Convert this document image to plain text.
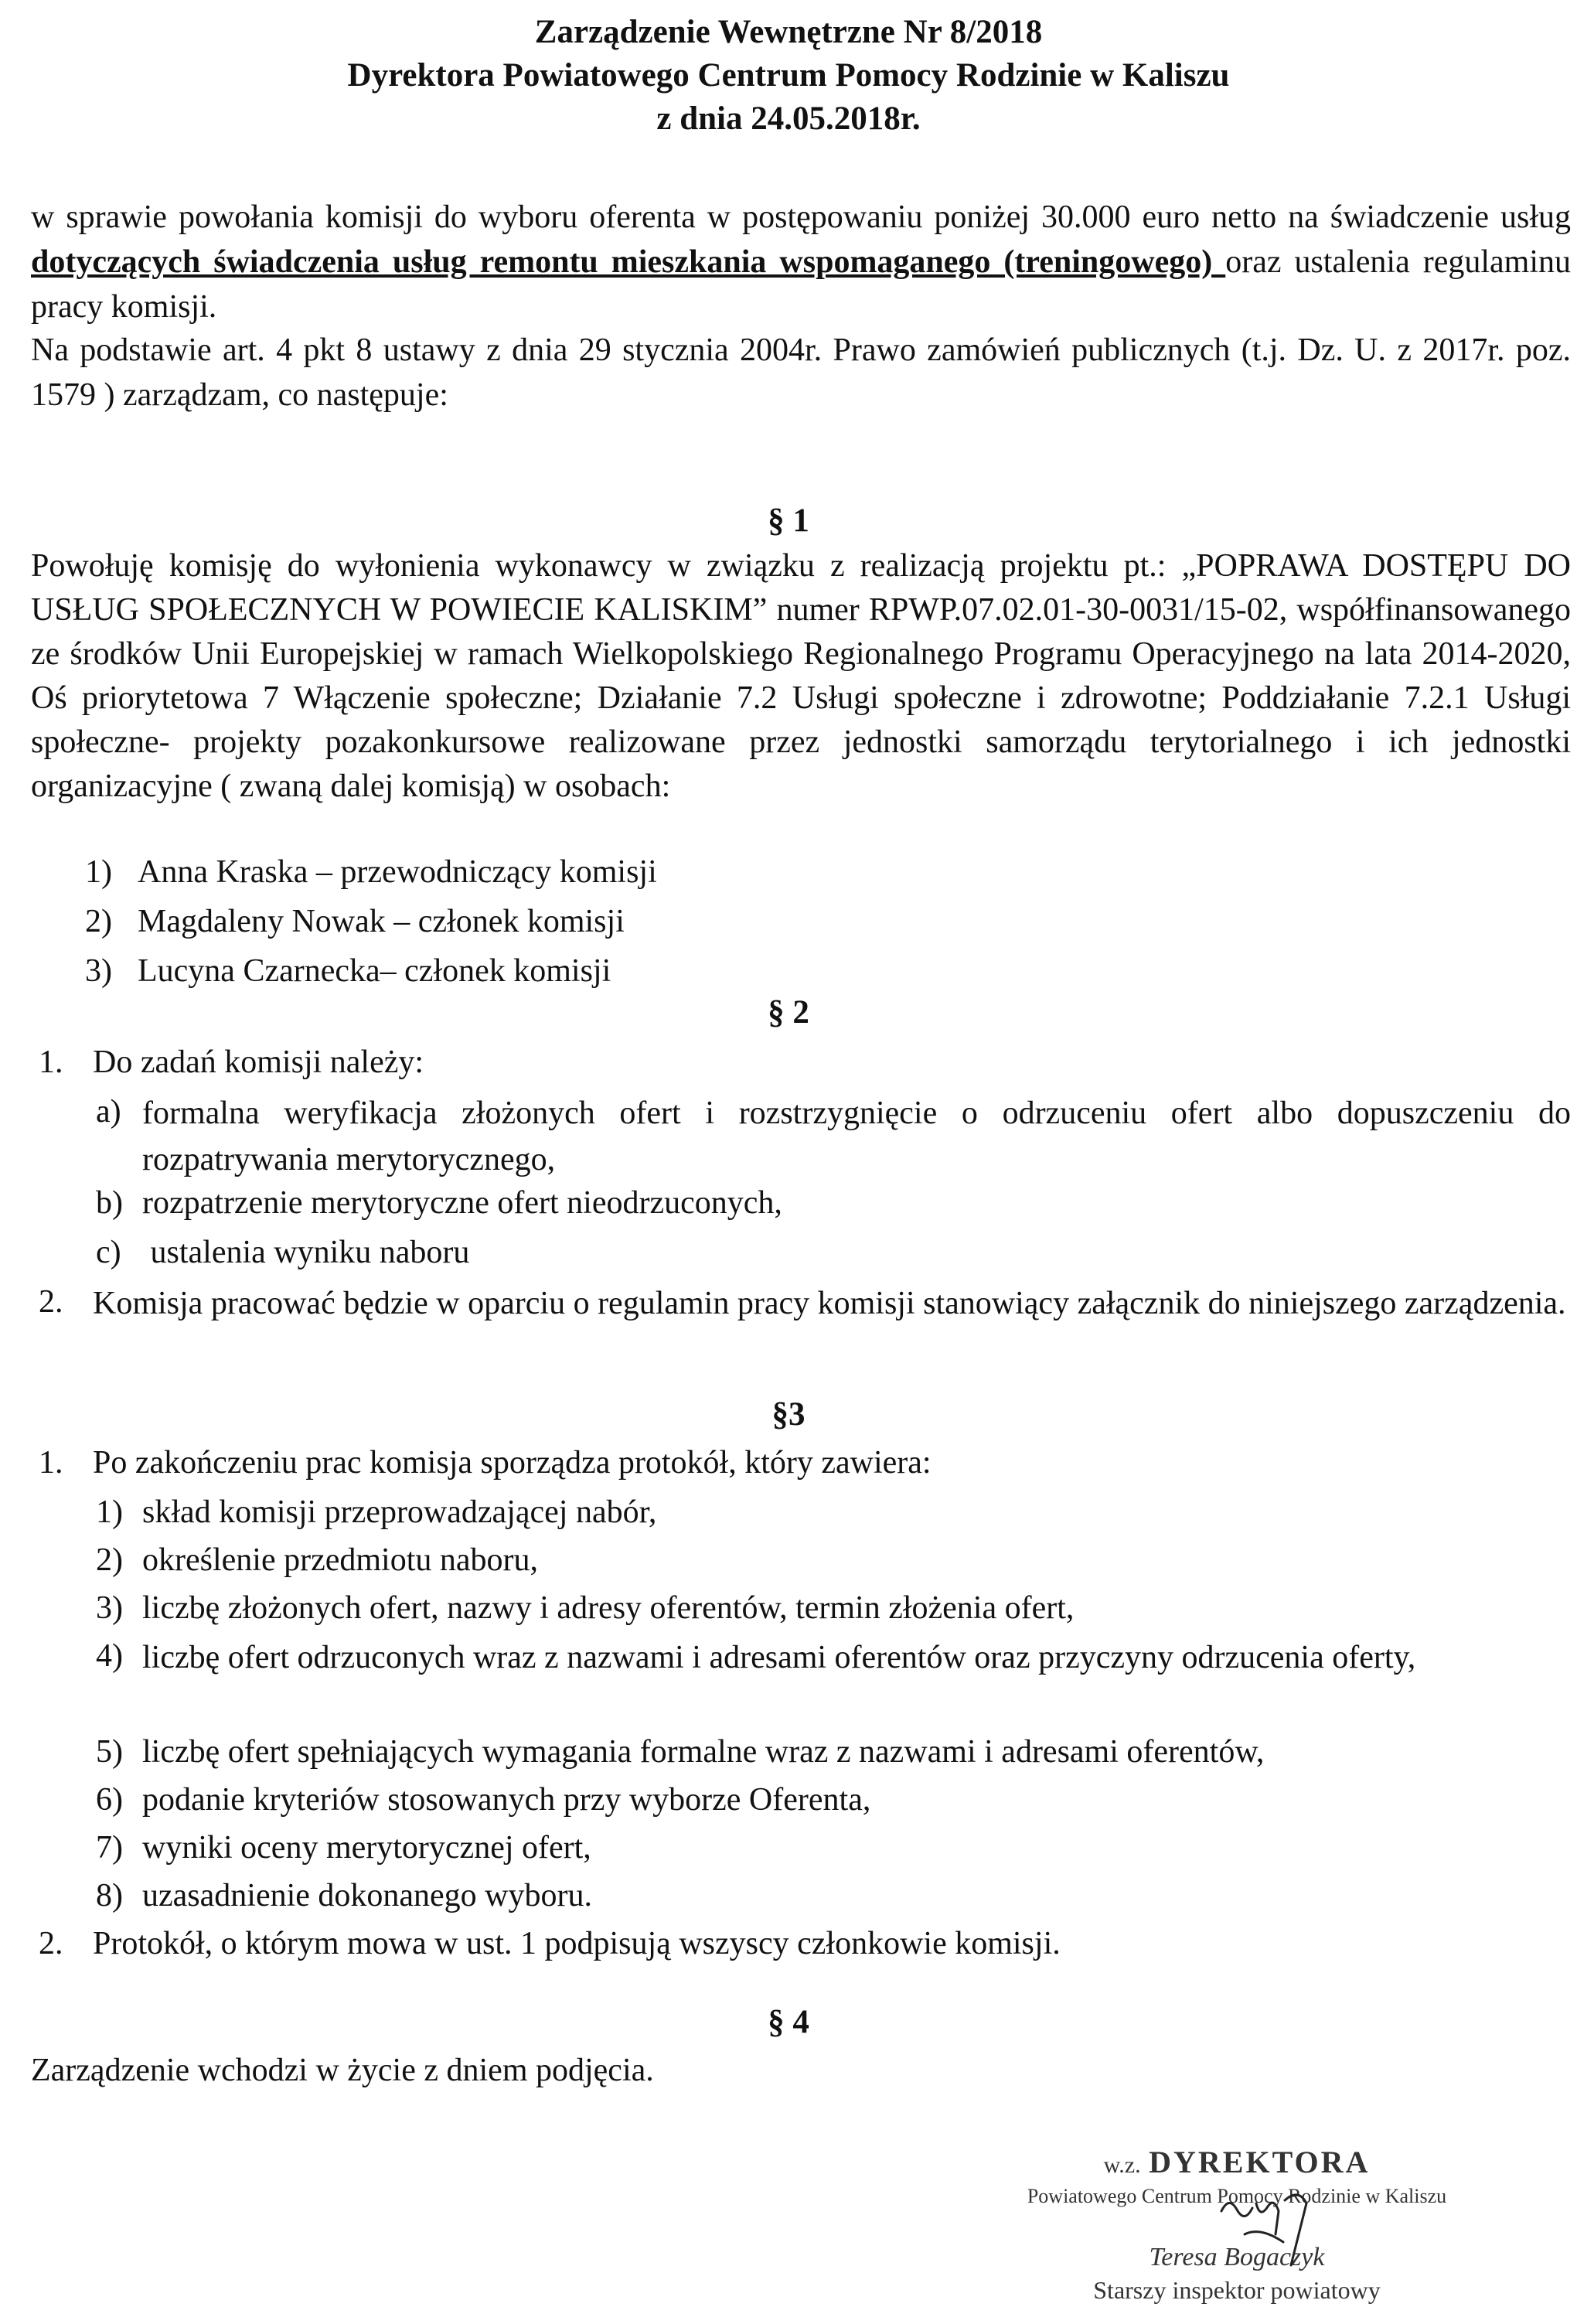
Zarządzenie Wewnętrzne Nr 8/2018
Dyrektora Powiatowego Centrum Pomocy Rodzinie w Kaliszu
z dnia 24.05.2018r.
w sprawie powołania komisji do wyboru oferenta w postępowaniu poniżej 30.000 euro netto na świadczenie usług dotyczących świadczenia usług remontu mieszkania wspomaganego (treningowego) oraz ustalenia regulaminu pracy komisji.
Na podstawie art. 4 pkt 8 ustawy z dnia 29 stycznia 2004r. Prawo zamówień publicznych (t.j. Dz. U. z 2017r. poz. 1579 ) zarządzam, co następuje:
§ 1
Powołuję komisję do wyłonienia wykonawcy w związku z realizacją projektu pt.: „POPRAWA DOSTĘPU DO USŁUG SPOŁECZNYCH W POWIECIE KALISKIM” numer RPWP.07.02.01-30-0031/15-02, współfinansowanego ze środków Unii Europejskiej w ramach Wielkopolskiego Regionalnego Programu Operacyjnego na lata 2014-2020, Oś priorytetowa 7 Włączenie społeczne; Działanie 7.2 Usługi społeczne i zdrowotne; Poddziałanie 7.2.1 Usługi społeczne- projekty pozakonkursowe realizowane przez jednostki samorządu terytorialnego i ich jednostki organizacyjne ( zwaną dalej komisją) w osobach:
1) Anna Kraska – przewodniczący komisji
2) Magdaleny Nowak – członek komisji
3) Lucyna Czarnecka– członek komisji
§ 2
1. Do zadań komisji należy:
a) formalna weryfikacja złożonych ofert i rozstrzygnięcie o odrzuceniu ofert albo dopuszczeniu do rozpatrywania merytorycznego,
b) rozpatrzenie merytoryczne ofert nieodrzuconych,
c) ustalenia wyniku naboru
2. Komisja pracować będzie w oparciu o regulamin pracy komisji stanowiący załącznik do niniejszego zarządzenia.
§3
1. Po zakończeniu prac komisja sporządza protokół, który zawiera:
1) skład komisji przeprowadzającej nabór,
2) określenie przedmiotu naboru,
3) liczbę złożonych ofert, nazwy i adresy oferentów, termin złożenia ofert,
4) liczbę ofert odrzuconych wraz z nazwami i adresami oferentów oraz przyczyny odrzucenia oferty,
5) liczbę ofert spełniających wymagania formalne wraz z nazwami i adresami oferentów,
6) podanie kryteriów stosowanych przy wyborze Oferenta,
7) wyniki oceny merytorycznej ofert,
8) uzasadnienie dokonanego wyboru.
2. Protokół, o którym mowa w ust. 1 podpisują wszyscy członkowie komisji.
§ 4
Zarządzenie wchodzi w życie z dniem podjęcia.
w.z. DYREKTORA
Powiatowego Centrum Pomocy Rodzinie w Kaliszu
Teresa Bogaczyk
Starszy inspektor powiatowy
